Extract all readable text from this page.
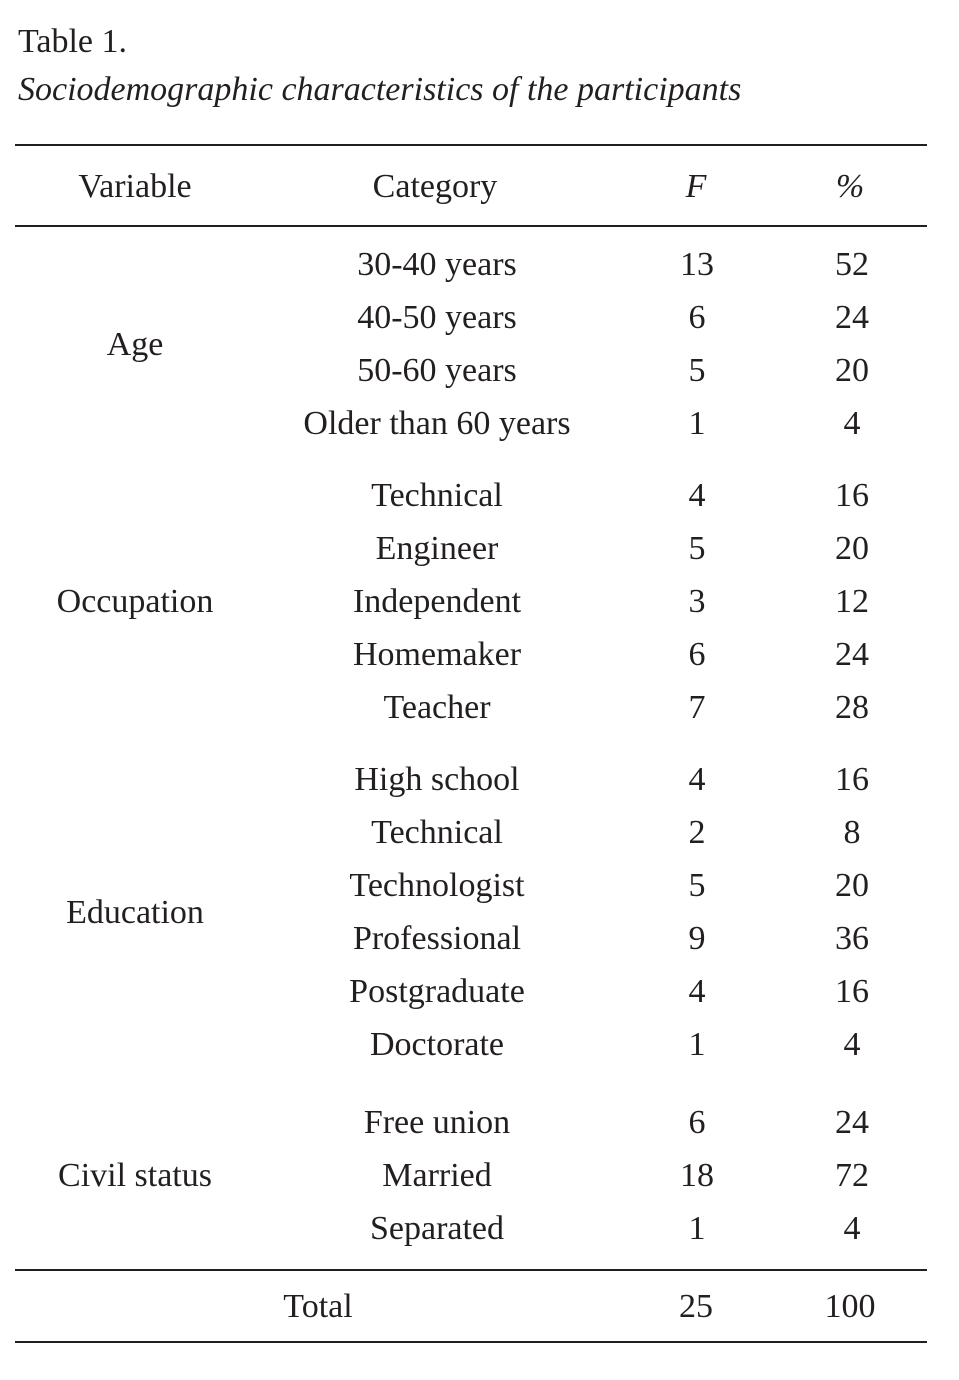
Table 1.
Sociodemographic characteristics of the participants
Variable	Category	F	%
Age
30-40 years	13	52
40-50 years	6	24
50-60 years	5	20
Older than 60 years	1	4
Occupation
Technical	4	16
Engineer	5	20
Independent	3	12
Homemaker	6	24
Teacher	7	28
Education
High school	4	16
Technical	2	8
Technologist	5	20
Professional	9	36
Postgraduate	4	16
Doctorate	1	4
Civil status
Free union	6	24
Married	18	72
Separated	1	4
Total	25	100
